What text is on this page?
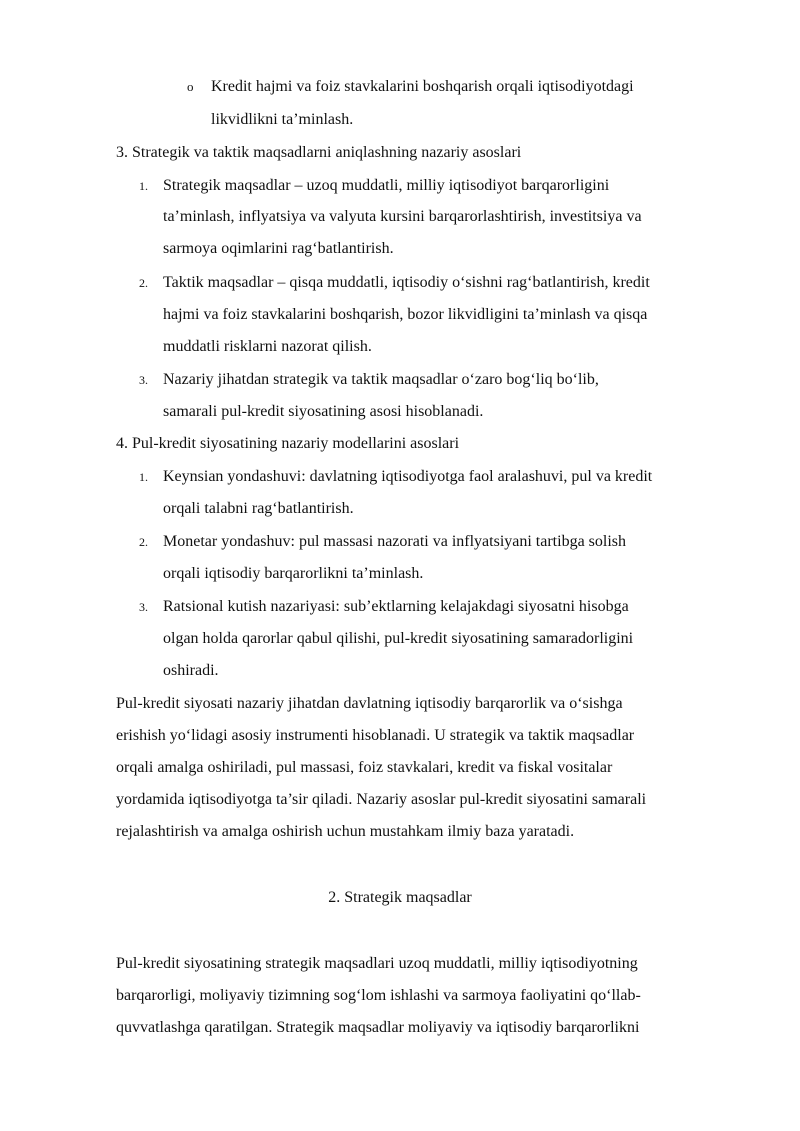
o Kredit hajmi va foiz stavkalarini boshqarish orqali iqtisodiyotdagi
likvidlikni ta’minlash.
3. Strategik va taktik maqsadlarni aniqlashning nazariy asoslari
1. Strategik maqsadlar – uzoq muddatli, milliy iqtisodiyot barqarorligini
ta’minlash, inflyatsiya va valyuta kursini barqarorlashtirish, investitsiya va
sarmoya oqimlarini rag‘batlantirish.
2. Taktik maqsadlar – qisqa muddatli, iqtisodiy o‘sishni rag‘batlantirish, kredit
hajmi va foiz stavkalarini boshqarish, bozor likvidligini ta’minlash va qisqa
muddatli risklarni nazorat qilish.
3. Nazariy jihatdan strategik va taktik maqsadlar o‘zaro bog‘liq bo‘lib,
samarali pul-kredit siyosatining asosi hisoblanadi.
4. Pul-kredit siyosatining nazariy modellarini asoslari
1. Keynsian yondashuvi: davlatning iqtisodiyotga faol aralashuvi, pul va kredit
orqali talabni rag‘batlantirish.
2. Monetar yondashuv: pul massasi nazorati va inflyatsiyani tartibga solish
orqali iqtisodiy barqarorlikni ta’minlash.
3. Ratsional kutish nazariyasi: sub’ektlarning kelajakdagi siyosatni hisobga
olgan holda qarorlar qabul qilishi, pul-kredit siyosatining samaradorligini
oshiradi.
Pul-kredit siyosati nazariy jihatdan davlatning iqtisodiy barqarorlik va o‘sishga
erishish yo‘lidagi asosiy instrumenti hisoblanadi. U strategik va taktik maqsadlar
orqali amalga oshiriladi, pul massasi, foiz stavkalari, kredit va fiskal vositalar
yordamida iqtisodiyotga ta’sir qiladi. Nazariy asoslar pul-kredit siyosatini samarali
rejalashtirish va amalga oshirish uchun mustahkam ilmiy baza yaratadi.
2. Strategik maqsadlar
Pul-kredit siyosatining strategik maqsadlari uzoq muddatli, milliy iqtisodiyotning
barqarorligi, moliyaviy tizimning sog‘lom ishlashi va sarmoya faoliyatini qo‘llab-
quvvatlashga qaratilgan. Strategik maqsadlar moliyaviy va iqtisodiy barqarorlikni
